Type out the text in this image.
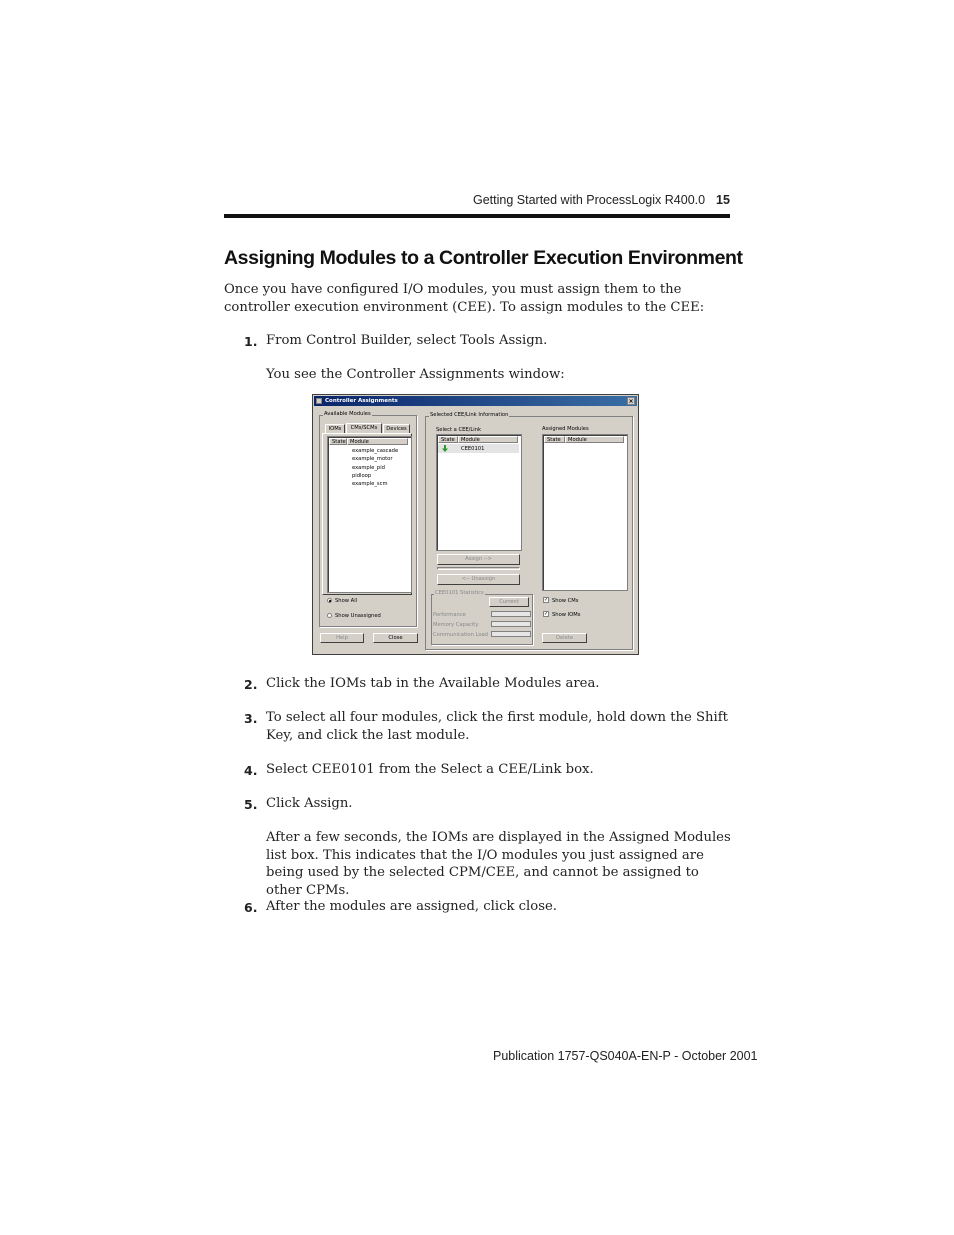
Getting Started with ProcessLogix R400.0 15
Assigning Modules to a Controller Execution Environment

Once you have configured I/O modules, you must assign them to the controller execution environment (CEE). To assign modules to the CEE:

1. From Control Builder, select Tools Assign.

You see the Controller Assignments window:

Controller Assignments	×
Available Modules
IOMs	CMs/SCMs	Devices
State Module
example_cascade
example_motor
example_pid
pidloop
example_scm
Show All
Show Unassigned
Selected CEE/Link Information
Select a CEE/Link
State	Module
CEE0101
Assign -->
<-- Unassign
CEE0101 Statistics
Current
Performance
Memory Capacity
Communication Load
Assigned Modules
State	Module
✓ Show CMs
✓ Show IOMs
Delete
Help	Close
2. Click the IOMs tab in the Available Modules area.

3. To select all four modules, click the first module, hold down the Shift Key, and click the last module.

4. Select CEE0101 from the Select a CEE/Link box.

5. Click Assign.

After a few seconds, the IOMs are displayed in the Assigned Modules list box. This indicates that the I/O modules you just assigned are being used by the selected CPM/CEE, and cannot be assigned to other CPMs.

6. After the modules are assigned, click close.

Publication 1757-QS040A-EN-P - October 2001
